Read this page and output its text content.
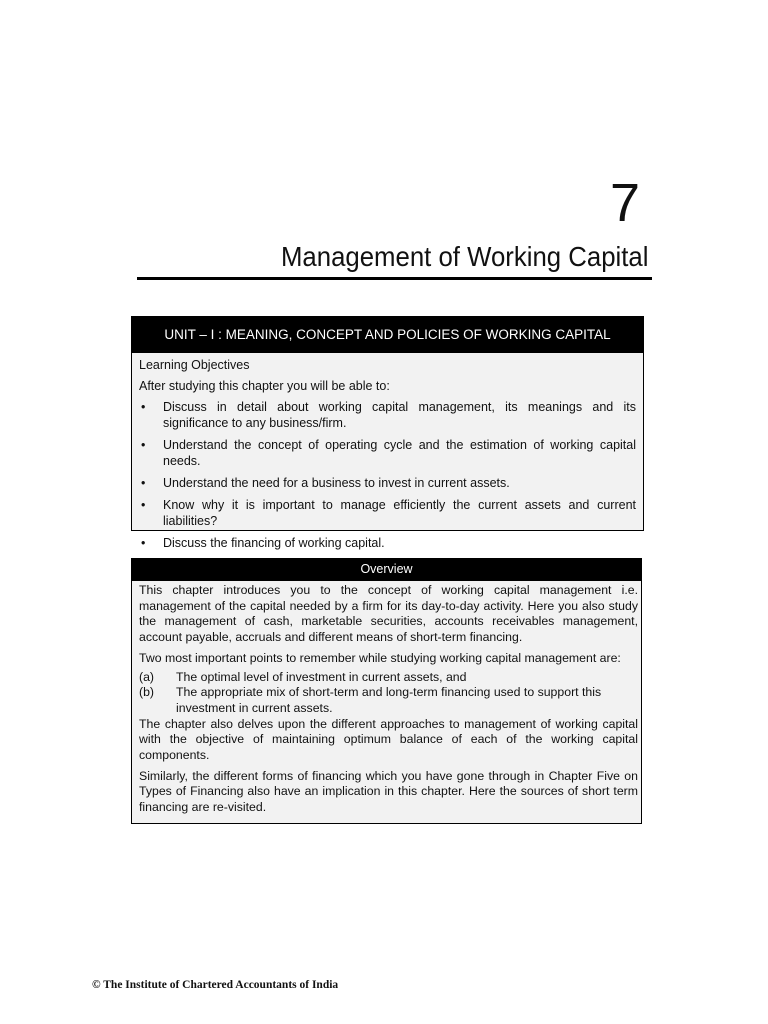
7
Management of Working Capital
UNIT – I : MEANING, CONCEPT AND POLICIES OF WORKING CAPITAL

Learning Objectives

After studying this chapter you will be able to:

• Discuss in detail about working capital management, its meanings and its significance to any business/firm.
• Understand the concept of operating cycle and the estimation of working capital needs.
• Understand the need for a business to invest in current assets.
• Know why it is important to manage efficiently the current assets and current liabilities?
• Discuss the financing of working capital.
Overview

This chapter introduces you to the concept of working capital management i.e. management of the capital needed by a firm for its day-to-day activity. Here you also study the management of cash, marketable securities, accounts receivables management, account payable, accruals and different means of short-term financing.

Two most important points to remember while studying working capital management are:

(a) The optimal level of investment in current assets, and
(b) The appropriate mix of short-term and long-term financing used to support this investment in current assets.

The chapter also delves upon the different approaches to management of working capital with the objective of maintaining optimum balance of each of the working capital components.

Similarly, the different forms of financing which you have gone through in Chapter Five on Types of Financing also have an implication in this chapter. Here the sources of short term financing are re-visited.

© The Institute of Chartered Accountants of India
